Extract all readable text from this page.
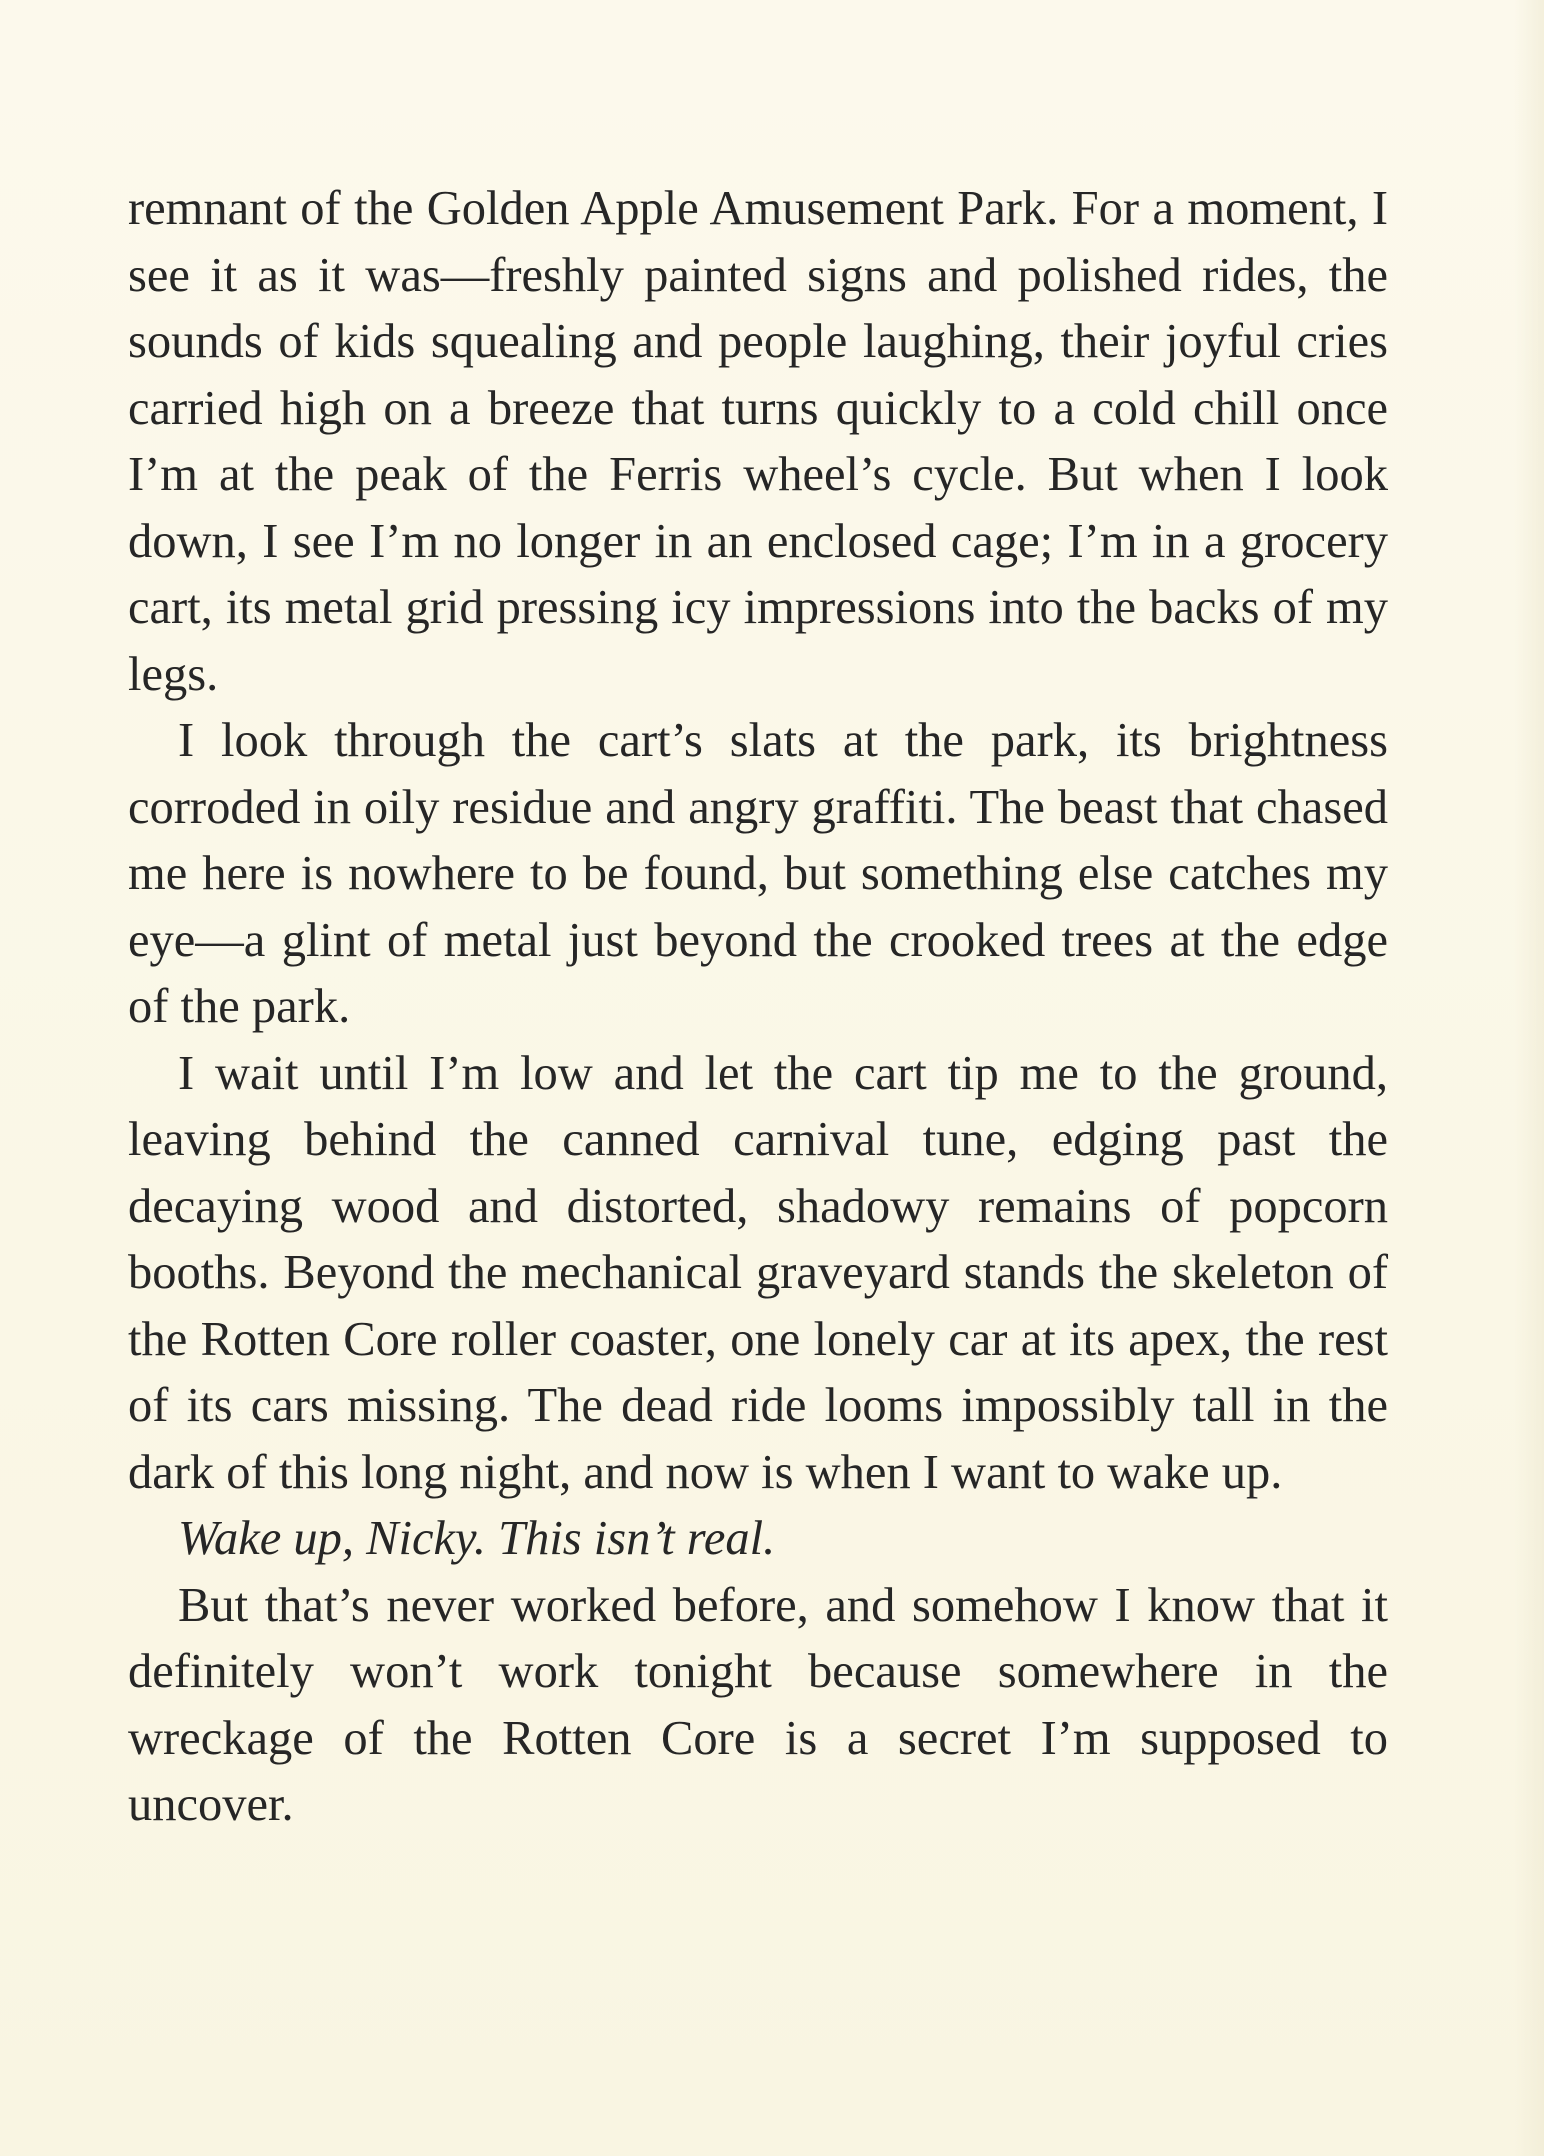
remnant of the Golden Apple Amusement Park. For a moment, I see it as it was—freshly painted signs and polished rides, the sounds of kids squealing and people laughing, their joyful cries carried high on a breeze that turns quickly to a cold chill once I’m at the peak of the Ferris wheel’s cycle. But when I look down, I see I’m no longer in an enclosed cage; I’m in a grocery cart, its metal grid pressing icy impressions into the backs of my legs.

I look through the cart’s slats at the park, its brightness corroded in oily residue and angry graffiti. The beast that chased me here is nowhere to be found, but something else catches my eye—a glint of metal just beyond the crooked trees at the edge of the park.

I wait until I’m low and let the cart tip me to the ground, leaving behind the canned carnival tune, edging past the decaying wood and distorted, shadowy remains of popcorn booths. Beyond the mechanical graveyard stands the skeleton of the Rotten Core roller coaster, one lonely car at its apex, the rest of its cars missing. The dead ride looms impossibly tall in the dark of this long night, and now is when I want to wake up.

Wake up, Nicky. This isn’t real.

But that’s never worked before, and somehow I know that it definitely won’t work tonight because somewhere in the wreckage of the Rotten Core is a secret I’m supposed to uncover.
